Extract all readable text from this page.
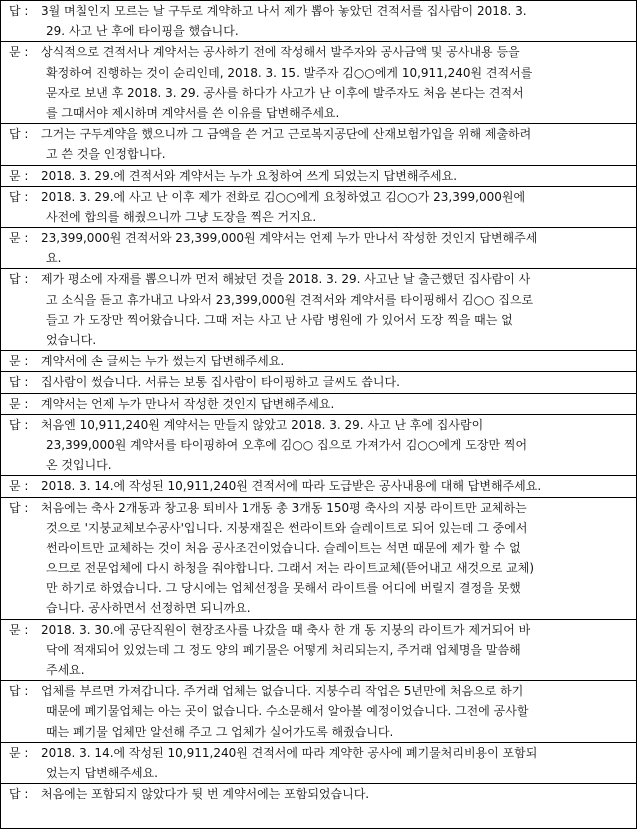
답 :3월 며칠인지 모르는 날 구두로 계약하고 나서 제가 뽑아 놓았던 견적서를 집사람이 2018. 3.
29. 사고 난 후에 타이핑을 했습니다.
문 :상식적으로 견적서나 계약서는 공사하기 전에 작성해서 발주자와 공사금액 및 공사내용 등을
확정하여 진행하는 것이 순리인데, 2018. 3. 15. 발주자 김○○에게 10,911,240원 견적서를
문자로 보낸 후 2018. 3. 29. 공사를 하다가 사고가 난 이후에 발주자도 처음 본다는 견적서
를 그때서야 제시하며 계약서를 쓴 이유를 답변해주세요.
답 :그거는 구두계약을 했으니까 그 금액을 쓴 거고 근로복지공단에 산재보험가입을 위해 제출하려
고 쓴 것을 인정합니다.
문 :2018. 3. 29.에 견적서와 계약서는 누가 요청하여 쓰게 되었는지 답변해주세요.
답 :2018. 3. 29.에 사고 난 이후 제가 전화로 김○○에게 요청하였고 김○○가 23,399,000원에
사전에 합의를 해줬으니까 그냥 도장을 찍은 거지요.
문 :23,399,000원 견적서와 23,399,000원 계약서는 언제 누가 만나서 작성한 것인지 답변해주세
요.
답 :제가 평소에 자재를 뽑으니까 먼저 해놨던 것을 2018. 3. 29. 사고난 날 출근했던 집사람이 사
고 소식을 듣고 휴가내고 나와서 23,399,000원 견적서와 계약서를 타이핑해서 김○○ 집으로
들고 가 도장만 찍어왔습니다. 그때 저는 사고 난 사람 병원에 가 있어서 도장 찍을 때는 없
었습니다.
문 :계약서에 손 글씨는 누가 썼는지 답변해주세요.
답 :집사람이 썼습니다. 서류는 보통 집사람이 타이핑하고 글씨도 씁니다.
문 :계약서는 언제 누가 만나서 작성한 것인지 답변해주세요.
답 :처음엔 10,911,240원 계약서는 만들지 않았고 2018. 3. 29. 사고 난 후에 집사람이
23,399,000원 계약서를 타이핑하여 오후에 김○○ 집으로 가져가서 김○○에게 도장만 찍어
온 것입니다.
문 :2018. 3. 14.에 작성된 10,911,240원 견적서에 따라 도급받은 공사내용에 대해 답변해주세요.
답 :처음에는 축사 2개동과 창고용 퇴비사 1개동 총 3개동 150평 축사의 지붕 라이트만 교체하는
것으로 '지붕교체보수공사'입니다. 지붕재질은 썬라이트와 슬레이트로 되어 있는데 그 중에서
썬라이트만 교체하는 것이 처음 공사조건이었습니다. 슬레이트는 석면 때문에 제가 할 수 없
으므로 전문업체에 다시 하청을 줘야합니다. 그래서 저는 라이트교체(뜯어내고 새것으로 교체)
만 하기로 하였습니다. 그 당시에는 업체선정을 못해서 라이트를 어디에 버릴지 결정을 못했
습니다. 공사하면서 선정하면 되니까요.
문 :2018. 3. 30.에 공단직원이 현장조사를 나갔을 때 축사 한 개 동 지붕의 라이트가 제거되어 바
닥에 적재되어 있었는데 그 정도 양의 폐기물은 어떻게 처리되는지, 주거래 업체명을 말씀해
주세요.
답 :업체를 부르면 가져갑니다. 주거래 업체는 없습니다. 지붕수리 작업은 5년만에 처음으로 하기
때문에 폐기물업체는 아는 곳이 없습니다. 수소문해서 알아볼 예정이었습니다. 그전에 공사할
때는 폐기물 업체만 알선해 주고 그 업체가 실어가도록 해줬습니다.
문 :2018. 3. 14.에 작성된 10,911,240원 견적서에 따라 계약한 공사에 폐기물처리비용이 포함되
었는지 답변해주세요.
답 :처음에는 포함되지 않았다가 뒷 번 계약서에는 포함되었습니다.
